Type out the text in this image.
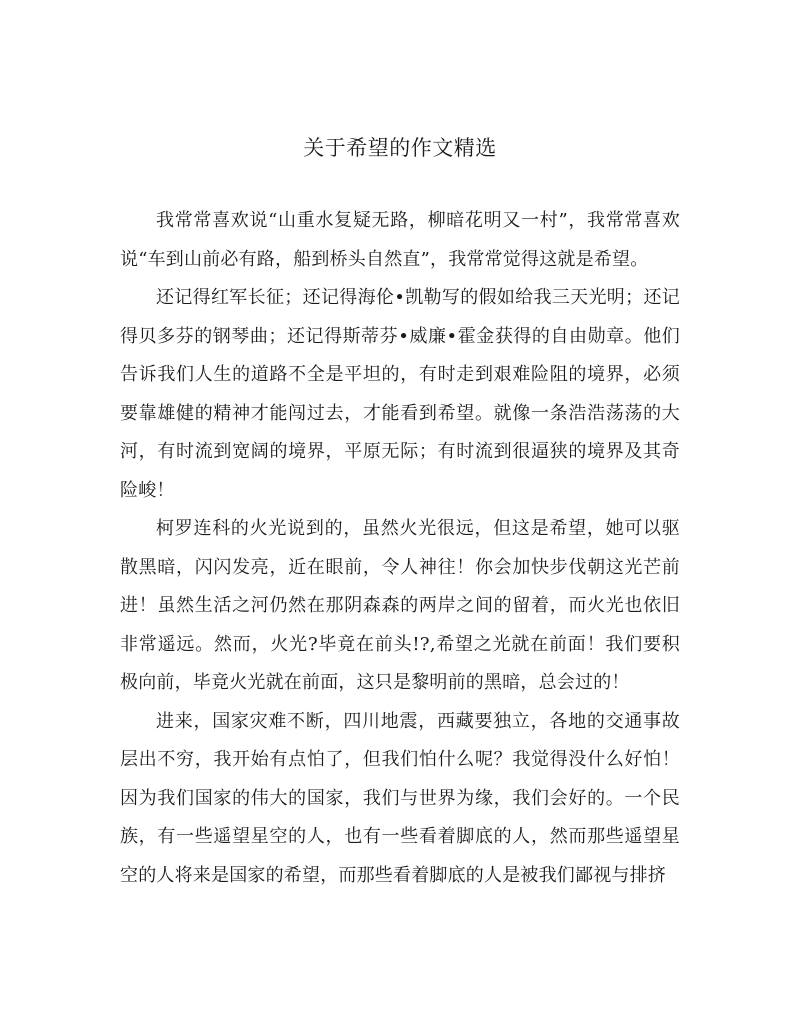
关于希望的作文精选

我常常喜欢说“山重水复疑无路，柳暗花明又一村”，我常常喜欢说“车到山前必有路，船到桥头自然直”，我常常觉得这就是希望。

还记得红军长征；还记得海伦•凯勒写的假如给我三天光明；还记得贝多芬的钢琴曲；还记得斯蒂芬•威廉•霍金获得的自由勋章。他们告诉我们人生的道路不全是平坦的，有时走到艰难险阻的境界，必须要靠雄健的精神才能闯过去，才能看到希望。就像一条浩浩荡荡的大河，有时流到宽阔的境界，平原无际；有时流到很逼狭的境界及其奇险峻！

柯罗连科的火光说到的，虽然火光很远，但这是希望，她可以驱散黑暗，闪闪发亮，近在眼前，令人神往！你会加快步伐朝这光芒前进！虽然生活之河仍然在那阴森森的两岸之间的留着，而火光也依旧非常遥远。然而，火光?毕竟在前头!?,希望之光就在前面！我们要积极向前，毕竟火光就在前面，这只是黎明前的黑暗，总会过的！

进来，国家灾难不断，四川地震，西藏要独立，各地的交通事故层出不穷，我开始有点怕了，但我们怕什么呢？我觉得没什么好怕！因为我们国家的伟大的国家，我们与世界为缘，我们会好的。一个民族，有一些遥望星空的人，也有一些看着脚底的人，然而那些遥望星空的人将来是国家的希望，而那些看着脚底的人是被我们鄙视与排挤
